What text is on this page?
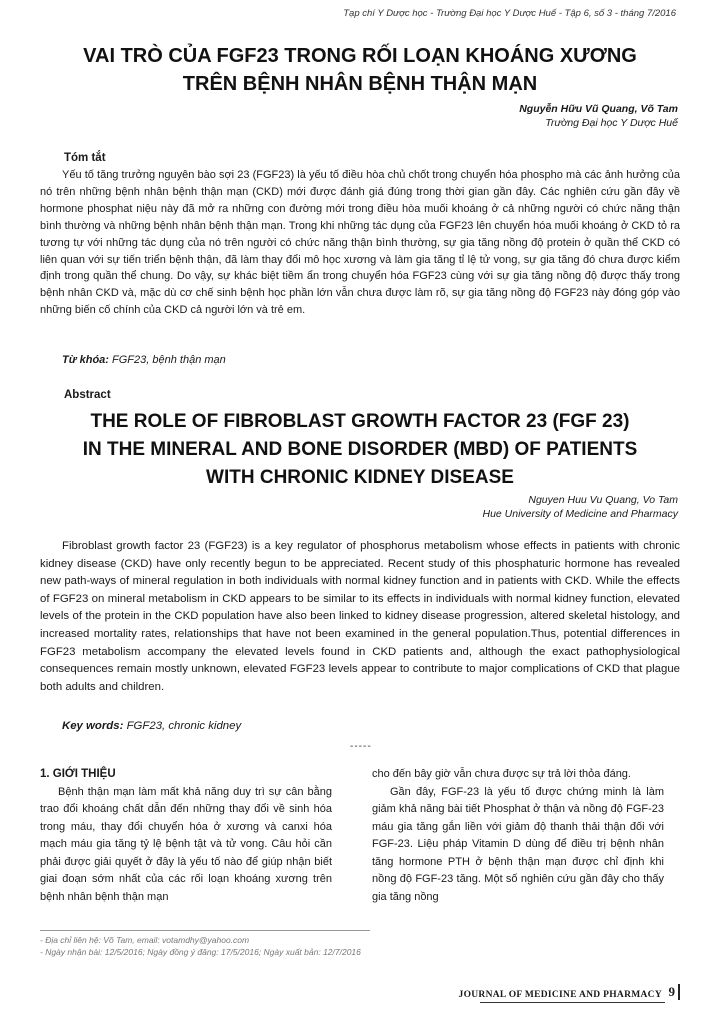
Tạp chí Y Dược học - Trường Đại học Y Dược Huế - Tập 6, số 3 - tháng 7/2016
VAI TRÒ CỦA FGF23 TRONG RỐI LOẠN KHOÁNG XƯƠNG
TRÊN BỆNH NHÂN BỆNH THẬN MẠN
Nguyễn Hữu Vũ Quang, Võ Tam
Trường Đại học Y Dược Huế
Tóm tắt

Yếu tố tăng trưởng nguyên bào sợi 23 (FGF23) là yếu tố điều hòa chủ chốt trong chuyển hóa phospho mà các ảnh hưởng của nó trên những bệnh nhân bệnh thận mạn (CKD) mới được đánh giá đúng trong thời gian gần đây. Các nghiên cứu gần đây về hormone phosphat niệu này đã mở ra những con đường mới trong điều hòa muối khoáng ở cả những người có chức năng thận bình thường và những bệnh nhân bệnh thận mạn. Trong khi những tác dụng của FGF23 lên chuyển hóa muối khoáng ở CKD tỏ ra tương tự với những tác dụng của nó trên người có chức năng thận bình thường, sự gia tăng nồng độ protein ở quần thể CKD có liên quan với sự tiến triển bệnh thận, đã làm thay đổi mô học xương và làm gia tăng tỉ lệ tử vong, sự gia tăng đó chưa được kiểm định trong quần thể chung. Do vậy, sự khác biệt tiềm ẩn trong chuyển hóa FGF23 cùng với sự gia tăng nồng độ được thấy trong bệnh nhân CKD và, mặc dù cơ chế sinh bệnh học phần lớn vẫn chưa được làm rõ, sự gia tăng nồng độ FGF23 này đóng góp vào những biến cố chính của CKD cả người lớn và trẻ em.

Từ khóa: FGF23, bệnh thận mạn
Abstract
THE ROLE OF FIBROBLAST GROWTH FACTOR 23 (FGF 23)
IN THE MINERAL AND BONE DISORDER (MBD) OF PATIENTS
WITH CHRONIC KIDNEY DISEASE
Nguyen Huu Vu Quang, Vo Tam
Hue University of Medicine and Pharmacy

Fibroblast growth factor 23 (FGF23) is a key regulator of phosphorus metabolism whose effects in patients with chronic kidney disease (CKD) have only recently begun to be appreciated. Recent study of this phosphaturic hormone has revealed new path-ways of mineral regulation in both individuals with normal kidney function and in patients with CKD. While the effects of FGF23 on mineral metabolism in CKD appears to be similar to its effects in individuals with normal kidney function, elevated levels of the protein in the CKD population have also been linked to kidney disease progression, altered skeletal histology, and increased mortality rates, relationships that have not been examined in the general population.Thus, potential differences in FGF23 metabolism accompany the elevated levels found in CKD patients and, although the exact pathophysiological consequences remain mostly unknown, elevated FGF23 levels appear to contribute to major complications of CKD that plague both adults and children.

Key words: FGF23, chronic kidney
-----
1. GIỚI THIỆU

Bệnh thận mạn làm mất khả năng duy trì sự cân bằng trao đổi khoáng chất dẫn đến những thay đổi về sinh hóa trong máu, thay đổi chuyển hóa ở xương và canxi hóa mạch máu gia tăng tỷ lệ bệnh tật và tử vong. Câu hỏi cần phải được giải quyết ở đây là yếu tố nào để giúp nhận biết giai đoạn sớm nhất của các rối loạn khoáng xương trên bệnh nhân bệnh thận mạn

cho đến bây giờ vẫn chưa được sự trả lời thỏa đáng.

Gần đây, FGF-23 là yếu tố được chứng minh là làm giảm khả năng bài tiết Phosphat ở thận và nồng độ FGF-23 máu gia tăng gắn liền với giảm độ thanh thải thận đối với FGF-23. Liệu pháp Vitamin D dùng để điều trị bệnh nhân tăng hormone PTH ở bệnh thận mạn được chỉ định khi nồng độ FGF-23 tăng. Một số nghiên cứu gần đây cho thấy gia tăng nồng

- Địa chỉ liên hệ: Võ Tam, email: votamdhy@yahoo.com
- Ngày nhận bài: 12/5/2016; Ngày đồng ý đăng: 17/5/2016; Ngày xuất bản: 12/7/2016
JOURNAL OF MEDICINE AND PHARMACY 9
